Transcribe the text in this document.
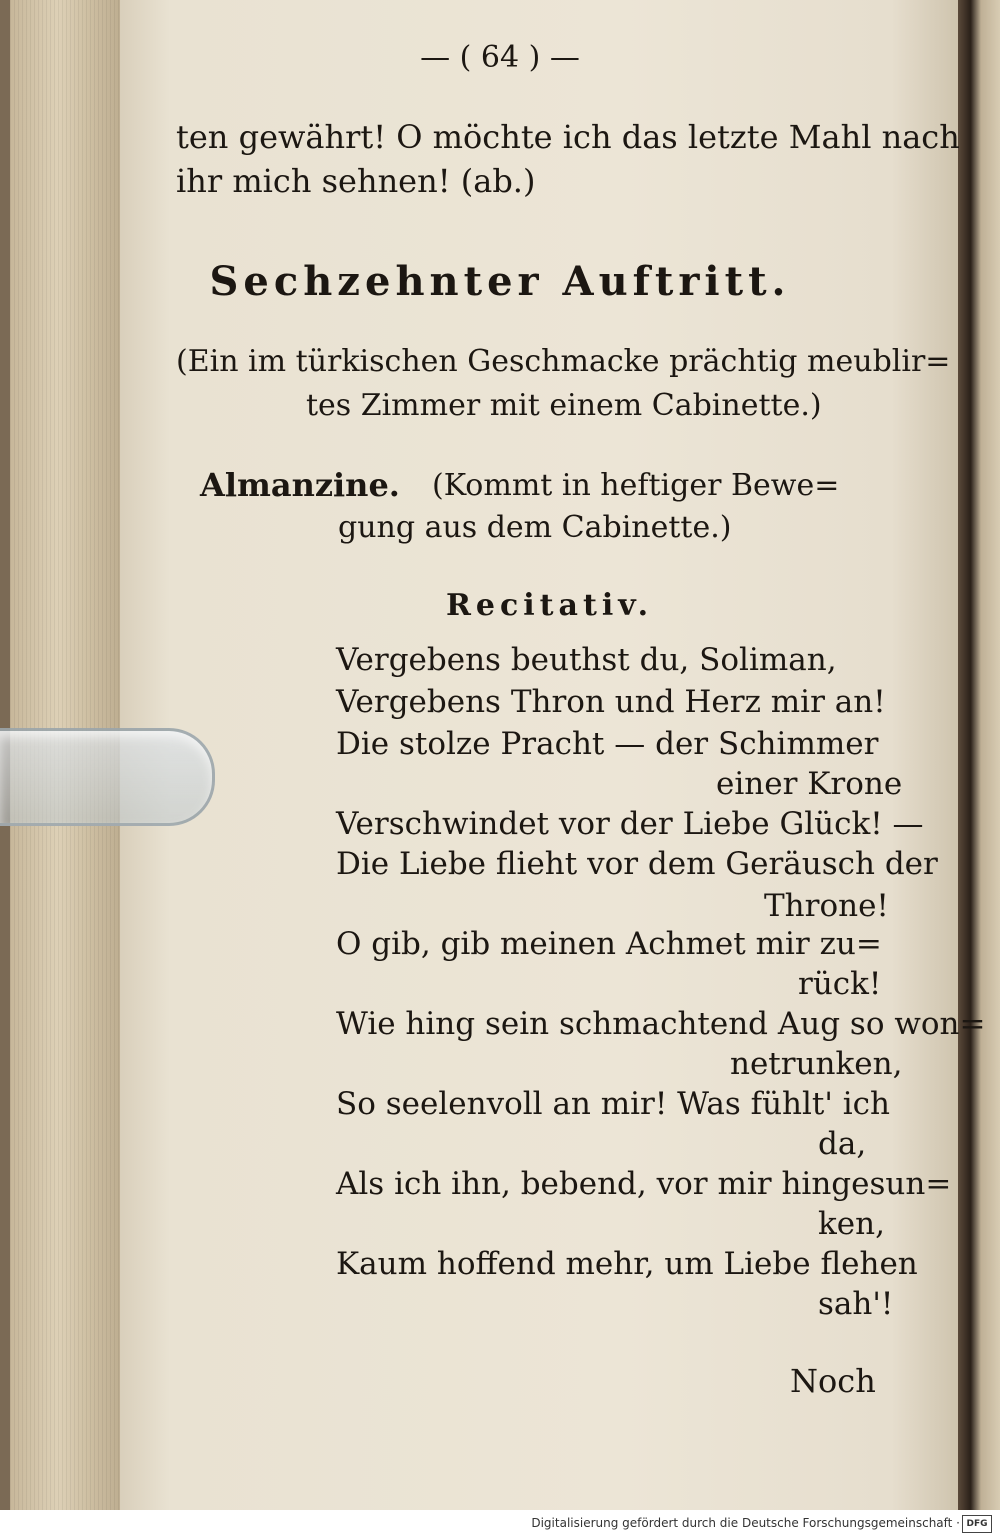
— ( 64 ) —
ten gewährt! O möchte ich das letzte Mahl nach
ihr mich sehnen! (ab.)
Sechzehnter Auftritt.
(Ein im türkischen Geschmacke prächtig meublir=
tes Zimmer mit einem Cabinette.)
Almanzine. (Kommt in heftiger Bewe=
gung aus dem Cabinette.)
Recitativ.
Vergebens beuthst du, Soliman,
Vergebens Thron und Herz mir an!
Die stolze Pracht — der Schimmer
einer Krone
Verschwindet vor der Liebe Glück! —
Die Liebe flieht vor dem Geräusch der
Throne!
O gib, gib meinen Achmet mir zu=
rück!
Wie hing sein schmachtend Aug so won=
netrunken,
So seelenvoll an mir! Was fühlt' ich
da,
Als ich ihn, bebend, vor mir hingesun=
ken,
Kaum hoffend mehr, um Liebe flehen
sah'!
Noch
Digitalisierung gefördert durch die Deutsche Forschungsgemeinschaft · DFG
